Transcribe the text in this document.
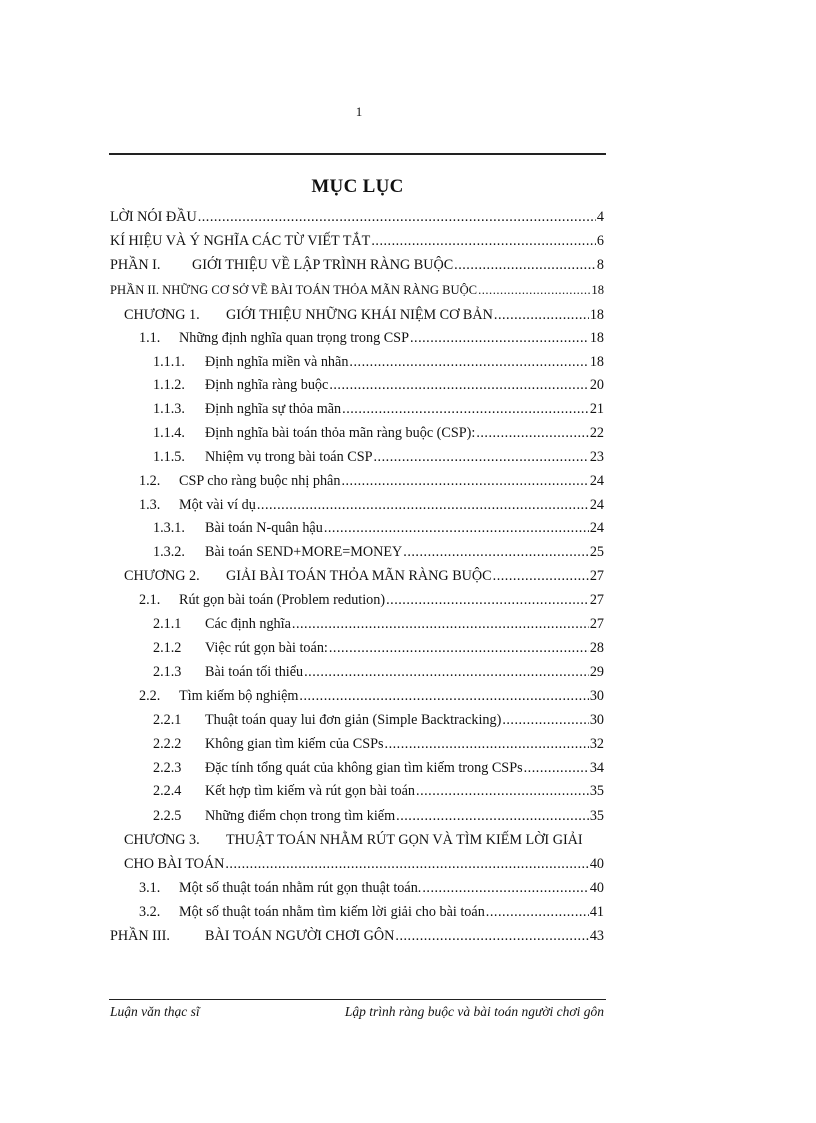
1
MỤC LỤC
LỜI NÓI ĐẦU .....	4
KÍ HIỆU VÀ Ý NGHĨA CÁC TỪ VIẾT TẮT .....	6
PHẦN I.	GIỚI THIỆU VỀ LẬP TRÌNH RÀNG BUỘC .....	8
PHẦN II. NHỮNG CƠ SỞ VỀ BÀI TOÁN THỎA MÃN RÀNG BUỘC .....	18
CHƯƠNG 1.	GIỚI THIỆU NHỮNG KHÁI NIỆM CƠ BẢN .....	18
1.1.	Những định nghĩa quan trọng trong CSP .....	18
1.1.1.	Định nghĩa miền và nhãn .....	18
1.1.2.	Định nghĩa ràng buộc .....	20
1.1.3.	Định nghĩa sự thỏa mãn .....	21
1.1.4.	Định nghĩa bài toán thỏa mãn ràng buộc (CSP): .....	22
1.1.5.	Nhiệm vụ trong bài toán CSP .....	23
1.2.	CSP cho ràng buộc nhị phân .....	24
1.3.	Một vài ví dụ .....	24
1.3.1.	Bài toán N-quân hậu .....	24
1.3.2.	Bài toán SEND+MORE=MONEY .....	25
CHƯƠNG 2.	GIẢI BÀI TOÁN THỎA MÃN RÀNG BUỘC .....	27
2.1.	Rút gọn bài toán (Problem redution) .....	27
2.1.1	Các định nghĩa .....	27
2.1.2	Việc rút gọn bài toán: .....	28
2.1.3	Bài toán tối thiểu .....	29
2.2.	Tìm kiếm bộ nghiệm .....	30
2.2.1	Thuật toán quay lui đơn giản (Simple Backtracking) .....	30
2.2.2	Không gian tìm kiếm của CSPs .....	32
2.2.3	Đặc tính tổng quát của không gian tìm kiếm trong CSPs .....	34
2.2.4	Kết hợp tìm kiếm và rút gọn bài toán .....	35
2.2.5	Những điểm chọn trong tìm kiếm .....	35
CHƯƠNG 3.	THUẬT TOÁN NHẰM RÚT GỌN VÀ TÌM KIẾM LỜI GIẢI
CHO BÀI TOÁN .....	40
3.1.	Một số thuật toán nhằm rút gọn thuật toán. .....	40
3.2.	Một số thuật toán nhằm tìm kiếm lời giải cho bài toán .....	41
PHẦN III.	BÀI TOÁN NGƯỜI CHƠI GÔN .....	43
Luận văn thạc sĩ	Lập trình ràng buộc và bài toán người chơi gôn
